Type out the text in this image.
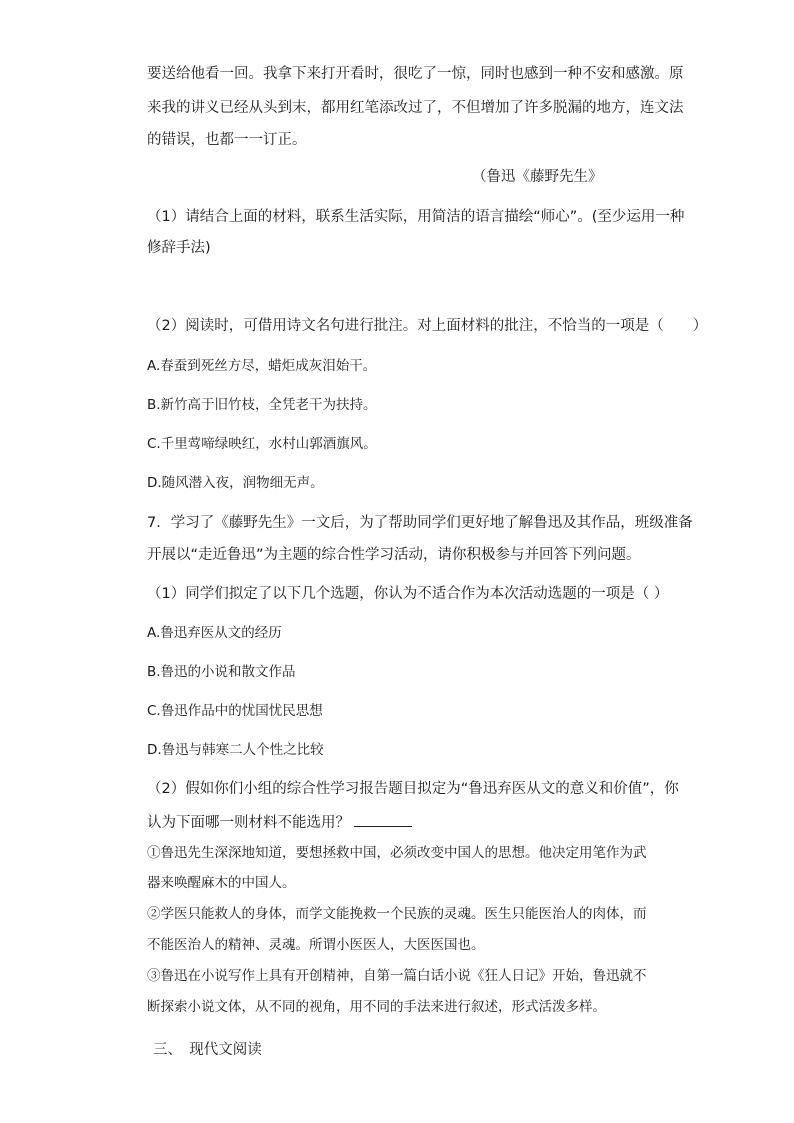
要送给他看一回。我拿下来打开看时，很吃了一惊，同时也感到一种不安和感激。原
来我的讲义已经从头到末，都用红笔添改过了，不但增加了许多脱漏的地方，连文法
的错误，也都一一订正。
（鲁迅《藤野先生》
（1）请结合上面的材料，联系生活实际，用简洁的语言描绘“师心”。(至少运用一种
修辞手法)
（2）阅读时，可借用诗文名句进行批注。对上面材料的批注，不恰当的一项是（　　）
A.春蚕到死丝方尽，蜡炬成灰泪始干。
B.新竹高于旧竹枝，全凭老干为扶持。
C.千里莺啼绿映红，水村山郭酒旗风。
D.随风潜入夜，润物细无声。
7．学习了《藤野先生》一文后，为了帮助同学们更好地了解鲁迅及其作品，班级准备
开展以“走近鲁迅”为主题的综合性学习活动，请你积极参与并回答下列问题。
（1）同学们拟定了以下几个选题，你认为不适合作为本次活动选题的一项是（ ）
A.鲁迅弃医从文的经历
B.鲁迅的小说和散文作品
C.鲁迅作品中的忧国忧民思想
D.鲁迅与韩寒二人个性之比较
（2）假如你们小组的综合性学习报告题目拟定为“鲁迅弃医从文的意义和价值”，你
认为下面哪一则材料不能选用？
①鲁迅先生深深地知道，要想拯救中国，必须改变中国人的思想。他决定用笔作为武
器来唤醒麻木的中国人。
②学医只能救人的身体，而学文能挽救一个民族的灵魂。医生只能医治人的肉体，而
不能医治人的精神、灵魂。所谓小医医人，大医医国也。
③鲁迅在小说写作上具有开创精神，自第一篇白话小说《狂人日记》开始，鲁迅就不
断探索小说文体，从不同的视角，用不同的手法来进行叙述，形式活泼多样。
三、　现代文阅读
